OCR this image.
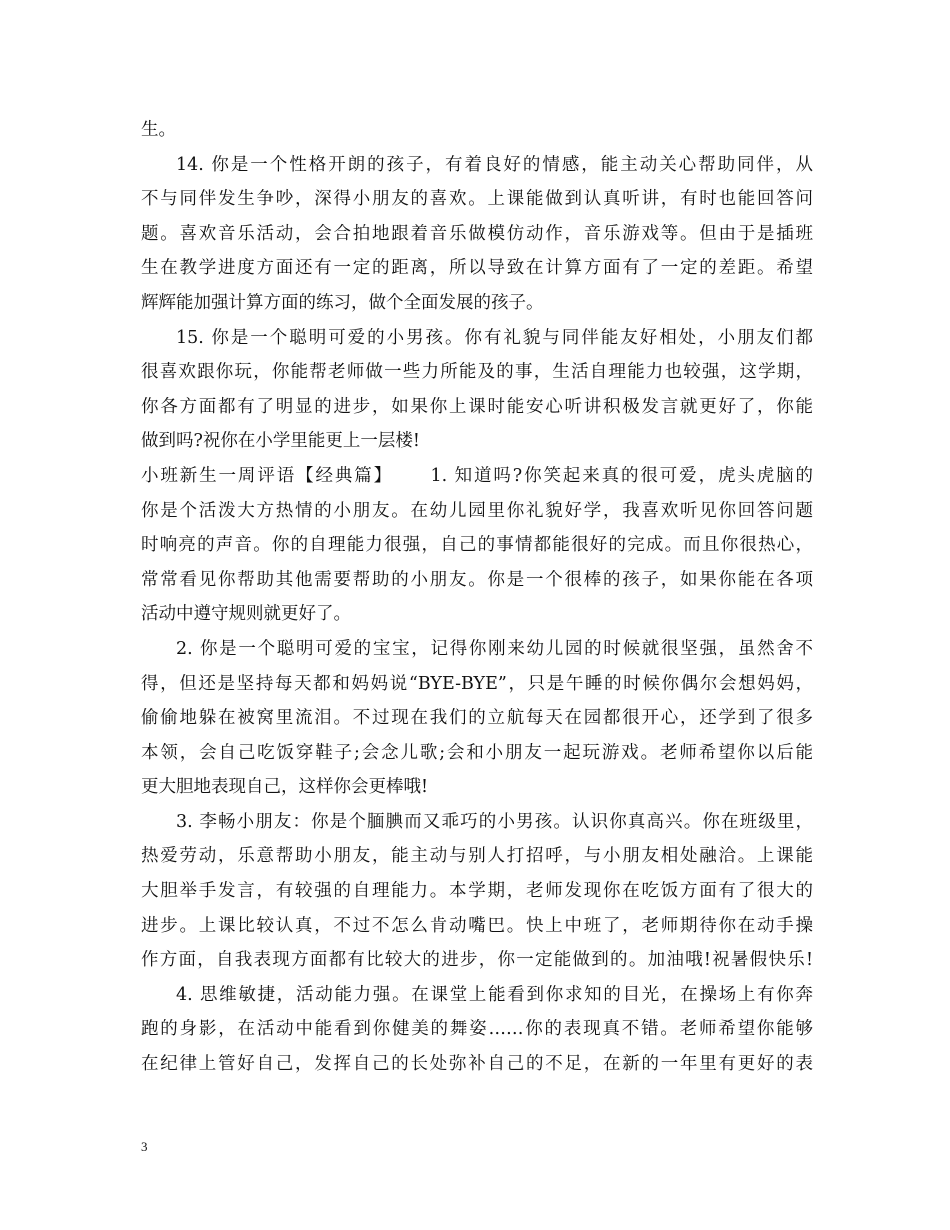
生。
14. 你是一个性格开朗的孩子，有着良好的情感，能主动关心帮助同伴，从
不与同伴发生争吵，深得小朋友的喜欢。上课能做到认真听讲，有时也能回答问
题。喜欢音乐活动，会合拍地跟着音乐做模仿动作，音乐游戏等。但由于是插班
生在教学进度方面还有一定的距离，所以导致在计算方面有了一定的差距。希望
辉辉能加强计算方面的练习，做个全面发展的孩子。
15. 你是一个聪明可爱的小男孩。你有礼貌与同伴能友好相处，小朋友们都
很喜欢跟你玩，你能帮老师做一些力所能及的事，生活自理能力也较强，这学期，
你各方面都有了明显的进步，如果你上课时能安心听讲积极发言就更好了，你能
做到吗?祝你在小学里能更上一层楼!
小班新生一周评语【经典篇】　　 1. 知道吗?你笑起来真的很可爱，虎头虎脑的
你是个活泼大方热情的小朋友。在幼儿园里你礼貌好学，我喜欢听见你回答问题
时响亮的声音。你的自理能力很强，自己的事情都能很好的完成。而且你很热心，
常常看见你帮助其他需要帮助的小朋友。你是一个很棒的孩子，如果你能在各项
活动中遵守规则就更好了。
2. 你是一个聪明可爱的宝宝，记得你刚来幼儿园的时候就很坚强，虽然舍不
得，但还是坚持每天都和妈妈说“BYE-BYE”，只是午睡的时候你偶尔会想妈妈，
偷偷地躲在被窝里流泪。不过现在我们的立航每天在园都很开心，还学到了很多
本领，会自己吃饭穿鞋子;会念儿歌;会和小朋友一起玩游戏。老师希望你以后能
更大胆地表现自己，这样你会更棒哦!
3. 李畅小朋友：你是个腼腆而又乖巧的小男孩。认识你真高兴。你在班级里，
热爱劳动，乐意帮助小朋友，能主动与别人打招呼，与小朋友相处融洽。上课能
大胆举手发言，有较强的自理能力。本学期，老师发现你在吃饭方面有了很大的
进步。上课比较认真，不过不怎么肯动嘴巴。快上中班了，老师期待你在动手操
作方面，自我表现方面都有比较大的进步，你一定能做到的。加油哦!祝暑假快乐!
4. 思维敏捷，活动能力强。在课堂上能看到你求知的目光，在操场上有你奔
跑的身影，在活动中能看到你健美的舞姿……你的表现真不错。老师希望你能够
在纪律上管好自己，发挥自己的长处弥补自己的不足，在新的一年里有更好的表
3
